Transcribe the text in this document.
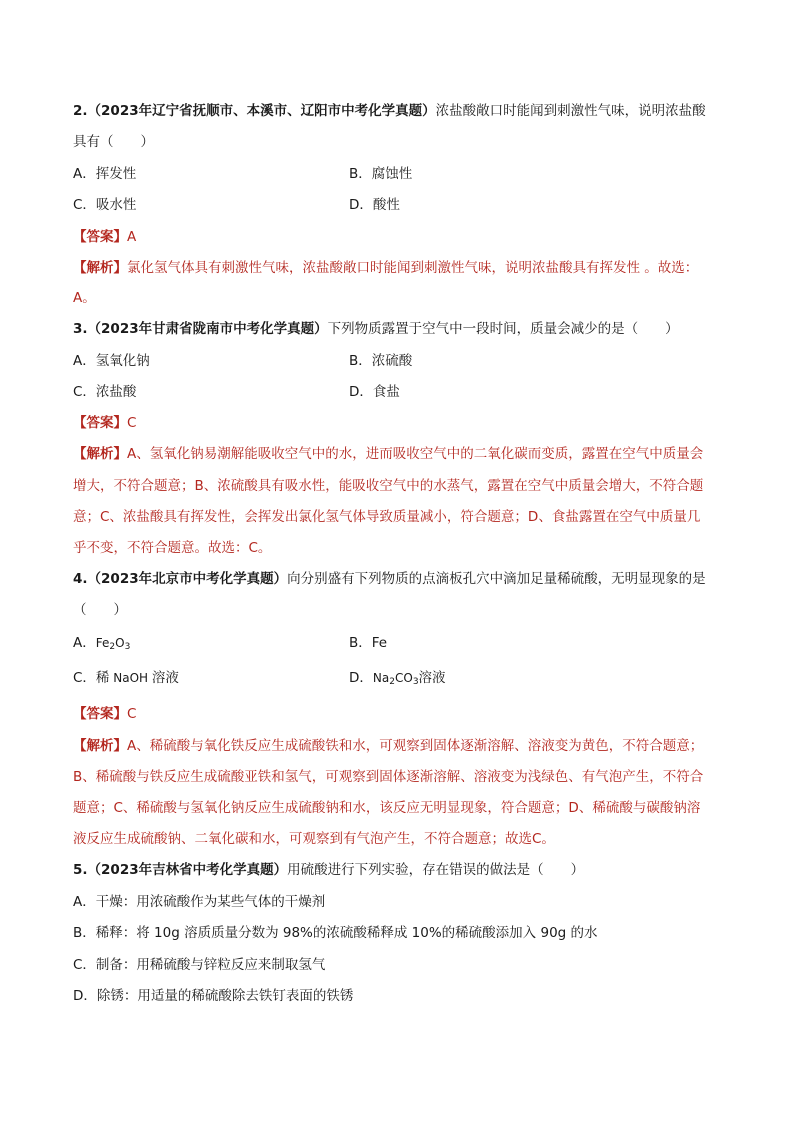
2.（2023年辽宁省抚顺市、本溪市、辽阳市中考化学真题）浓盐酸敞口时能闻到刺激性气味，说明浓盐酸
具有（　　）
A．挥发性	B．腐蚀性
C．吸水性	D．酸性
【答案】A
【解析】氯化氢气体具有刺激性气味，浓盐酸敞口时能闻到刺激性气味，说明浓盐酸具有挥发性 。故选：
A。
3.（2023年甘肃省陇南市中考化学真题）下列物质露置于空气中一段时间，质量会减少的是（　　）
A．氢氧化钠	B．浓硫酸
C．浓盐酸	D．食盐
【答案】C
【解析】A、氢氧化钠易潮解能吸收空气中的水，进而吸收空气中的二氧化碳而变质，露置在空气中质量会
增大，不符合题意；B、浓硫酸具有吸水性，能吸收空气中的水蒸气，露置在空气中质量会增大，不符合题
意；C、浓盐酸具有挥发性，会挥发出氯化氢气体导致质量减小，符合题意；D、食盐露置在空气中质量几
乎不变，不符合题意。故选：C。
4.（2023年北京市中考化学真题）向分别盛有下列物质的点滴板孔穴中滴加足量稀硫酸，无明显现象的是
（　　）
A．$Fe_2O_3$	B．Fe
C．稀 NaOH 溶液	D．$Na_2CO_3$溶液
【答案】C
【解析】A、稀硫酸与氧化铁反应生成硫酸铁和水，可观察到固体逐渐溶解、溶液变为黄色，不符合题意；
B、稀硫酸与铁反应生成硫酸亚铁和氢气，可观察到固体逐渐溶解、溶液变为浅绿色、有气泡产生，不符合
题意；C、稀硫酸与氢氧化钠反应生成硫酸钠和水，该反应无明显现象，符合题意；D、稀硫酸与碳酸钠溶
液反应生成硫酸钠、二氧化碳和水，可观察到有气泡产生，不符合题意；故选C。
5.（2023年吉林省中考化学真题）用硫酸进行下列实验，存在错误的做法是（　　）
A．干燥：用浓硫酸作为某些气体的干燥剂
B．稀释：将 10g 溶质质量分数为 98%的浓硫酸稀释成 10%的稀硫酸添加入 90g 的水
C．制备：用稀硫酸与锌粒反应来制取氢气
D．除锈：用适量的稀硫酸除去铁钉表面的铁锈
